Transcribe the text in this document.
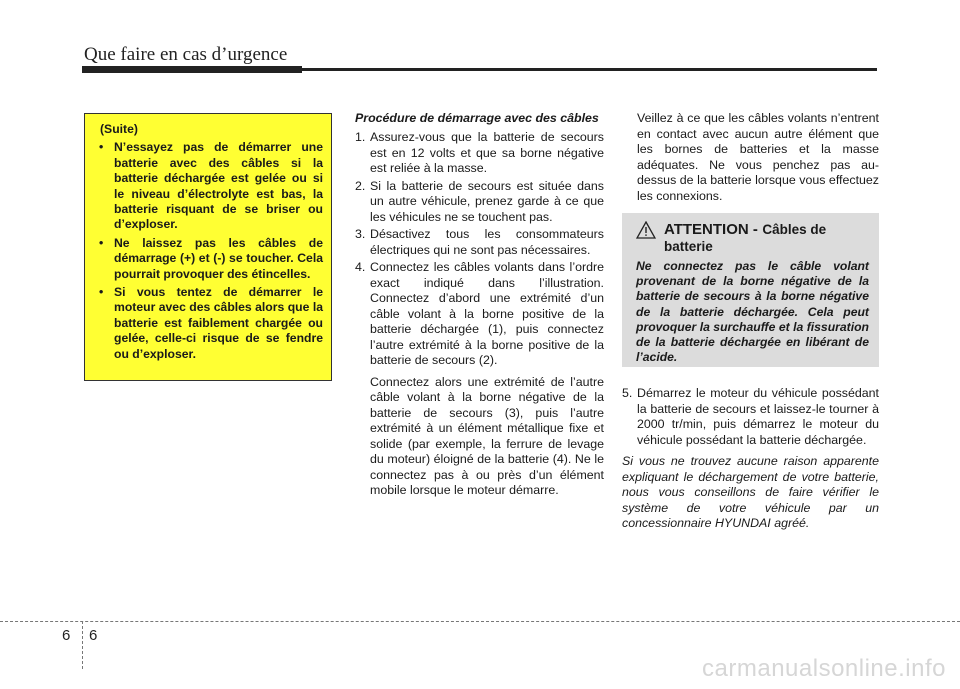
Que faire en cas d’urgence
(Suite)
• N’essayez pas de démarrer une batterie avec des câbles si la batterie déchargée est gelée ou si le niveau d’électrolyte est bas, la batterie risquant de se briser ou d’exploser.
• Ne laissez pas les câbles de démarrage (+) et (-) se toucher. Cela pourrait provoquer des étincelles.
• Si vous tentez de démarrer le moteur avec des câbles alors que la batterie est faiblement chargée ou gelée, celle-ci risque de se fendre ou d’exploser.
Procédure de démarrage avec des câbles
1. Assurez-vous que la batterie de secours est en 12 volts et que sa borne négative est reliée à la masse.
2. Si la batterie de secours est située dans un autre véhicule, prenez garde à ce que les véhicules ne se touchent pas.
3. Désactivez tous les consommateurs électriques qui ne sont pas nécessaires.
4. Connectez les câbles volants dans l’ordre exact indiqué dans l’illustration. Connectez d’abord une extrémité d’un câble volant à la borne positive de la batterie déchargée (1), puis connectez l’autre extrémité à la borne positive de la batterie de secours (2).

Connectez alors une extrémité de l’autre câble volant à la borne négative de la batterie de secours (3), puis l’autre extrémité à un élément métallique fixe et solide (par exemple, la ferrure de levage du moteur) éloigné de la batterie (4). Ne le connectez pas à ou près d’un élément mobile lorsque le moteur démarre.

Veillez à ce que les câbles volants n’entrent en contact avec aucun autre élément que les bornes de batteries et la masse adéquates. Ne vous penchez pas au-dessus de la batterie lorsque vous effectuez les connexions.
ATTENTION - Câbles de batterie
Ne connectez pas le câble volant provenant de la borne négative de la batterie de secours à la borne négative de la batterie déchargée. Cela peut provoquer la surchauffe et la fissuration de la batterie déchargée en libérant de l’acide.
5. Démarrez le moteur du véhicule possédant la batterie de secours et laissez-le tourner à 2000 tr/min, puis démarrez le moteur du véhicule possédant la batterie déchargée.
Si vous ne trouvez aucune raison apparente expliquant le déchargement de votre batterie, nous vous conseillons de faire vérifier le système de votre véhicule par un concessionnaire HYUNDAI agréé.
6 6
carmanualsonline.info
